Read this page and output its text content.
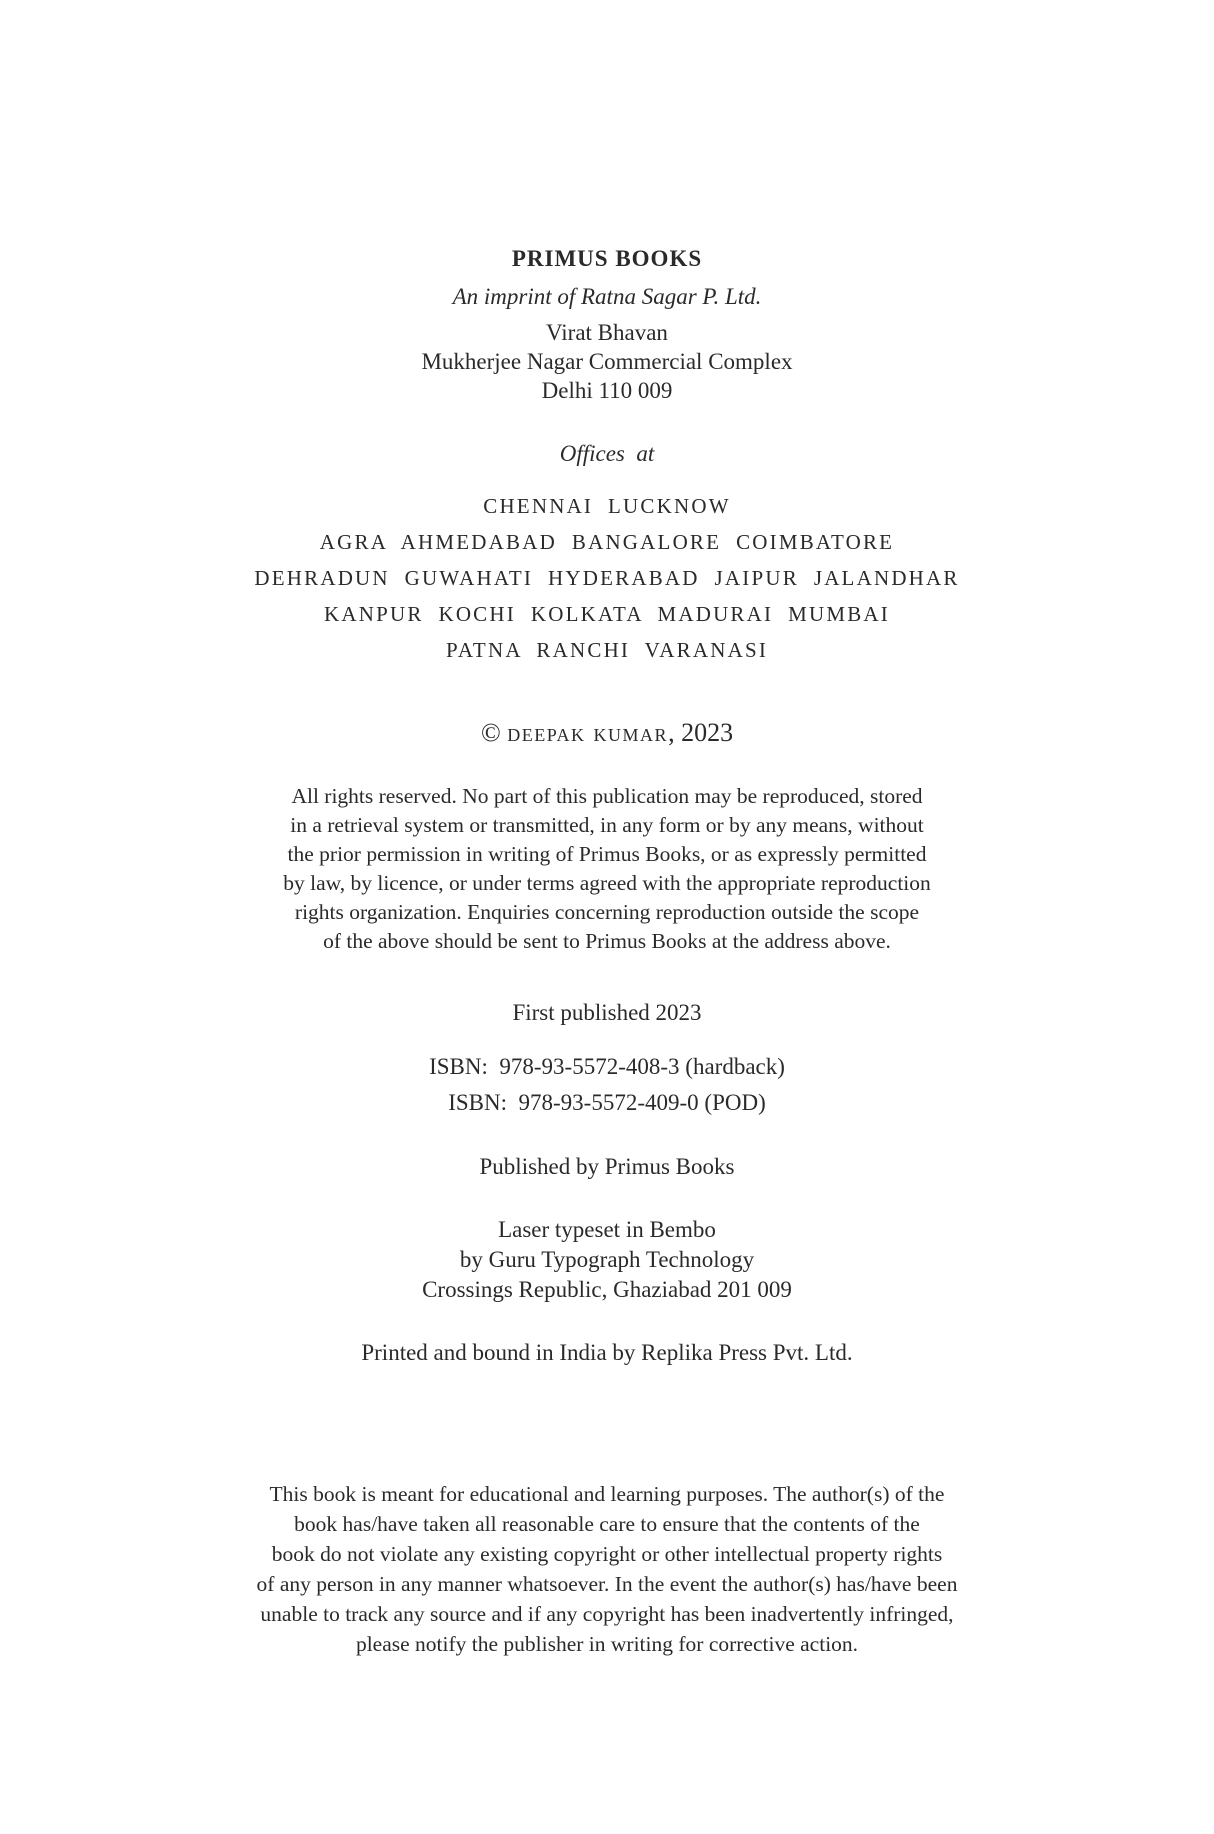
PRIMUS BOOKS
An imprint of Ratna Sagar P. Ltd.
Virat Bhavan
Mukherjee Nagar Commercial Complex
Delhi 110 009
Offices  at
CHENNAI  LUCKNOW
AGRA  AHMEDABAD  BANGALORE  COIMBATORE
DEHRADUN  GUWAHATI  HYDERABAD  JAIPUR  JALANDHAR
KANPUR  KOCHI  KOLKATA  MADURAI  MUMBAI
PATNA  RANCHI  VARANASI
© deepak kumar, 2023
All rights reserved. No part of this publication may be reproduced, stored
in a retrieval system or transmitted, in any form or by any means, without
the prior permission in writing of Primus Books, or as expressly permitted
by law, by licence, or under terms agreed with the appropriate reproduction
rights organization. Enquiries concerning reproduction outside the scope
of the above should be sent to Primus Books at the address above.
First published 2023
ISBN:  978-93-5572-408-3 (hardback)
ISBN:  978-93-5572-409-0 (POD)
Published by Primus Books
Laser typeset in Bembo
by Guru Typograph Technology
Crossings Republic, Ghaziabad 201 009
Printed and bound in India by Replika Press Pvt. Ltd.
This book is meant for educational and learning purposes. The author(s) of the
book has/have taken all reasonable care to ensure that the contents of the
book do not violate any existing copyright or other intellectual property rights
of any person in any manner whatsoever. In the event the author(s) has/have been
unable to track any source and if any copyright has been inadvertently infringed,
please notify the publisher in writing for corrective action.
